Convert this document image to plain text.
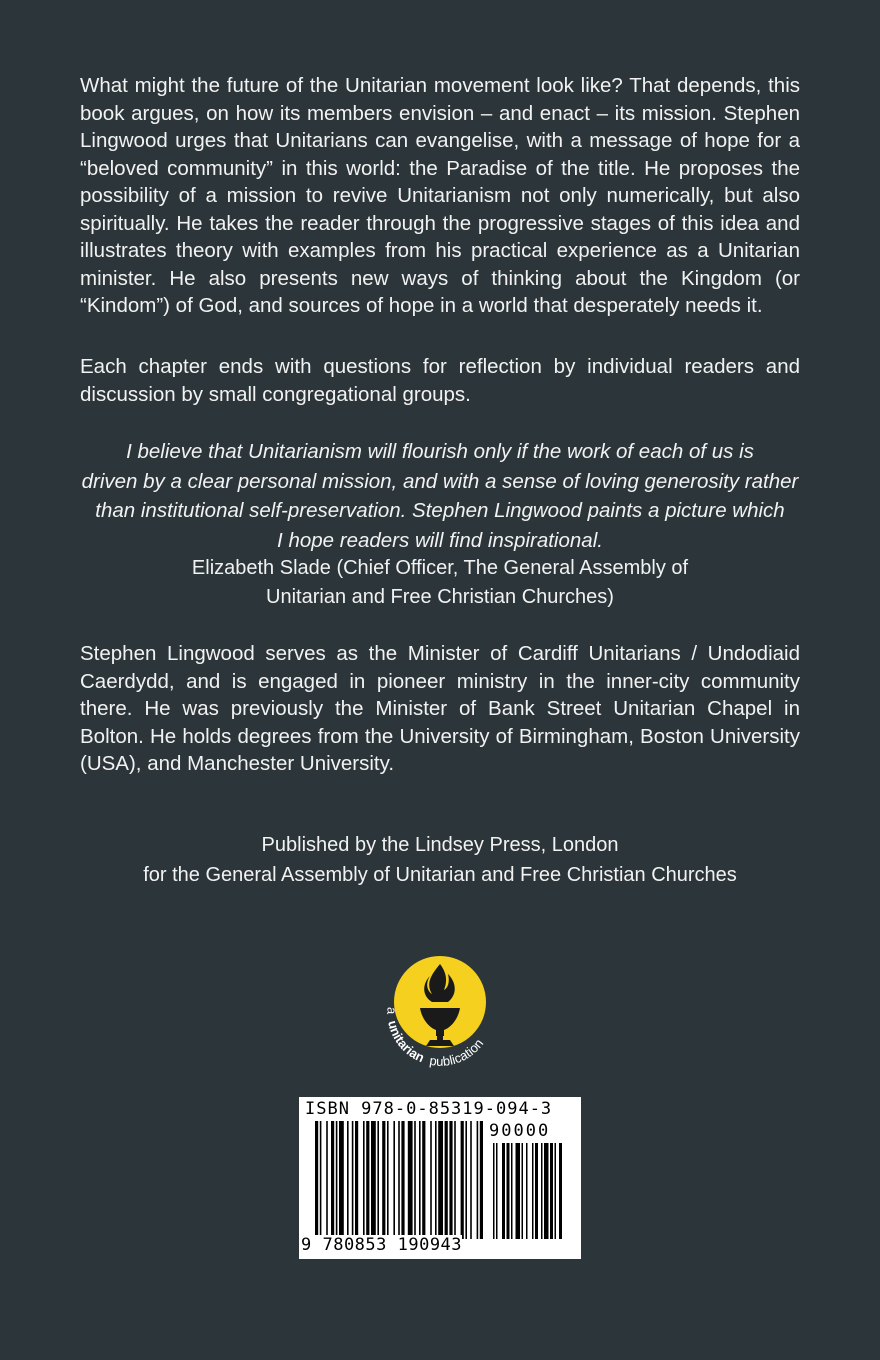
What might the future of the Unitarian movement look like? That depends, this book argues, on how its members envision – and enact – its mission. Stephen Lingwood urges that Unitarians can evangelise, with a message of hope for a “beloved community” in this world: the Paradise of the title. He proposes the possibility of a mission to revive Unitarianism not only numerically, but also spiritually. He takes the reader through the progressive stages of this idea and illustrates theory with examples from his practical experience as a Unitarian minister. He also presents new ways of thinking about the Kingdom (or “Kindom”) of God, and sources of hope in a world that desperately needs it.

Each chapter ends with questions for reflection by individual readers and discussion by small congregational groups.

I believe that Unitarianism will flourish only if the work of each of us is
driven by a clear personal mission, and with a sense of loving generosity rather
than institutional self-preservation. Stephen Lingwood paints a picture which
I hope readers will find inspirational.
Elizabeth Slade (Chief Officer, The General Assembly of
Unitarian and Free Christian Churches)

Stephen Lingwood serves as the Minister of Cardiff Unitarians / Undodiaid Caerdydd, and is engaged in pioneer ministry in the inner-city community there. He was previously the Minister of Bank Street Unitarian Chapel in Bolton. He holds degrees from the University of Birmingham, Boston University (USA), and Manchester University.

Published by the Lindsey Press, London
for the General Assembly of Unitarian and Free Christian Churches
a unitarian publication
ISBN 978-0-85319-094-3
90000
9 780853 190943
